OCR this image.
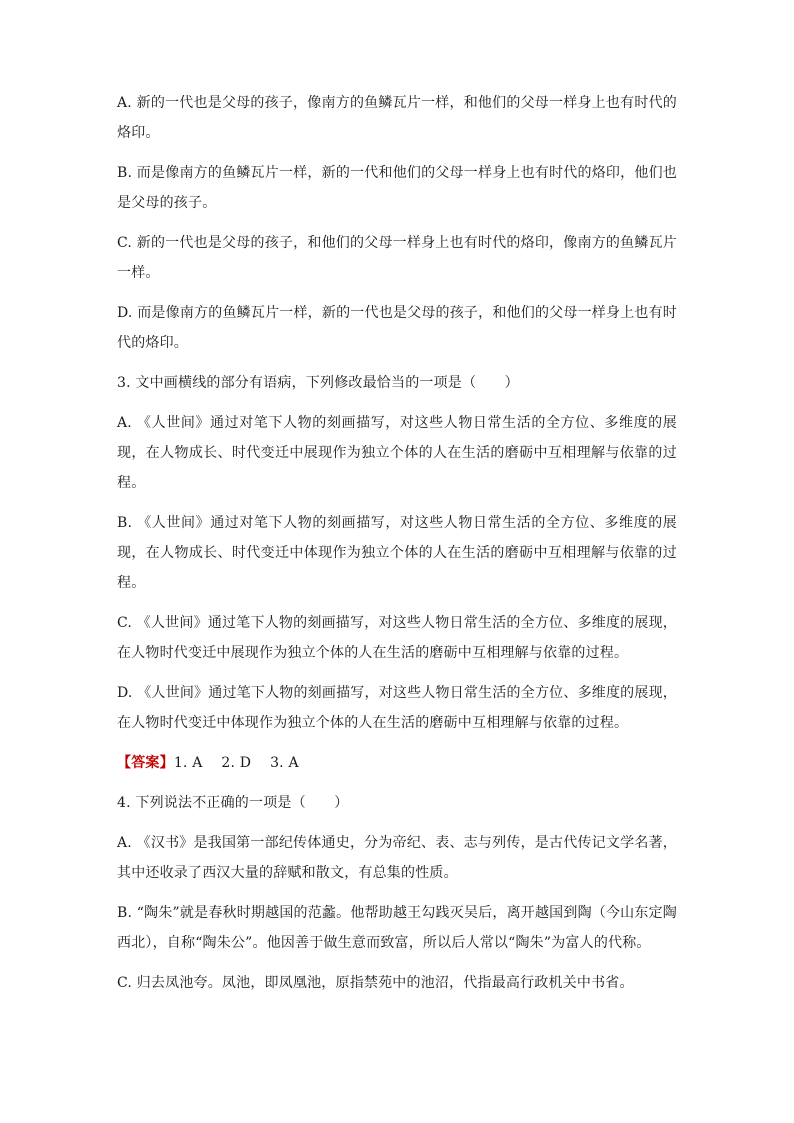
A. 新的一代也是父母的孩子，像南方的鱼鳞瓦片一样，和他们的父母一样身上也有时代的烙印。

B. 而是像南方的鱼鳞瓦片一样，新的一代和他们的父母一样身上也有时代的烙印，他们也是父母的孩子。

C. 新的一代也是父母的孩子，和他们的父母一样身上也有时代的烙印，像南方的鱼鳞瓦片一样。

D. 而是像南方的鱼鳞瓦片一样，新的一代也是父母的孩子，和他们的父母一样身上也有时代的烙印。

3. 文中画横线的部分有语病，下列修改最恰当的一项是（　　）

A. 《人世间》通过对笔下人物的刻画描写，对这些人物日常生活的全方位、多维度的展现，在人物成长、时代变迁中展现作为独立个体的人在生活的磨砺中互相理解与依靠的过程。

B. 《人世间》通过对笔下人物的刻画描写，对这些人物日常生活的全方位、多维度的展现，在人物成长、时代变迁中体现作为独立个体的人在生活的磨砺中互相理解与依靠的过程。

C. 《人世间》通过笔下人物的刻画描写，对这些人物日常生活的全方位、多维度的展现，在人物时代变迁中展现作为独立个体的人在生活的磨砺中互相理解与依靠的过程。

D. 《人世间》通过笔下人物的刻画描写，对这些人物日常生活的全方位、多维度的展现，在人物时代变迁中体现作为独立个体的人在生活的磨砺中互相理解与依靠的过程。

【答案】1. A　 2. D　 3. A

4. 下列说法不正确的一项是（　　）

A. 《汉书》是我国第一部纪传体通史，分为帝纪、表、志与列传，是古代传记文学名著，其中还收录了西汉大量的辞赋和散文，有总集的性质。

B. “陶朱”就是春秋时期越国的范蠡。他帮助越王勾践灭吴后，离开越国到陶（今山东定陶西北），自称“陶朱公”。他因善于做生意而致富，所以后人常以“陶朱”为富人的代称。

C. 归去凤池夸。凤池，即凤凰池，原指禁苑中的池沼，代指最高行政机关中书省。
